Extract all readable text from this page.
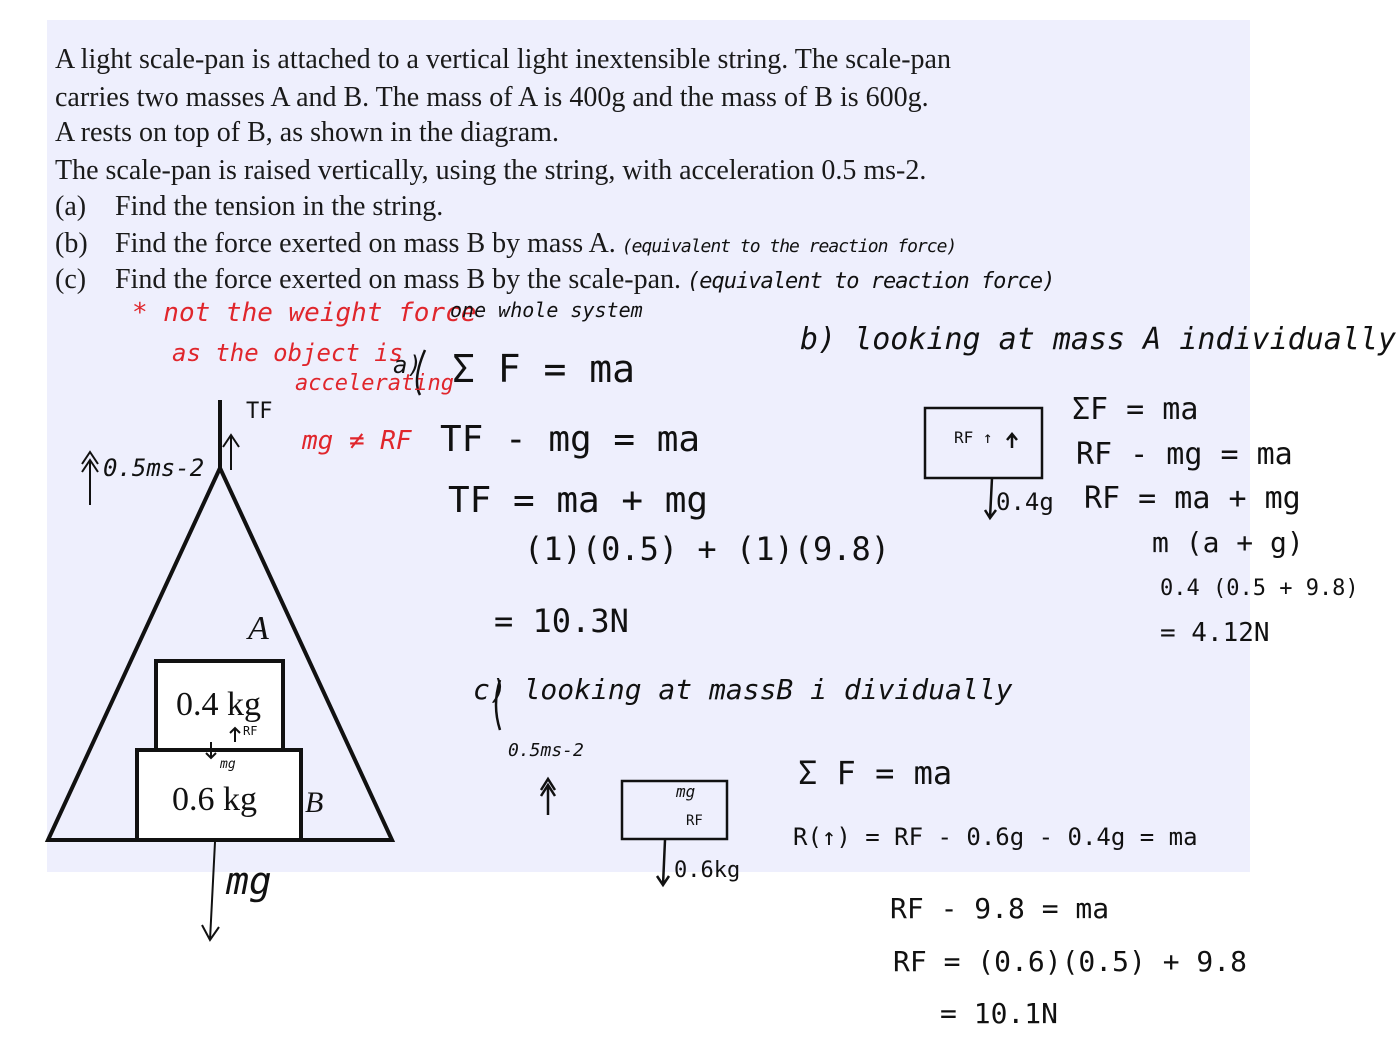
A light scale-pan is attached to a vertical light inextensible string. The scale-pan
carries two masses A and B. The mass of A is 400g and the mass of B is 600g.
A rests on top of B, as shown in the diagram.
The scale-pan is raised vertically, using the string, with acceleration 0.5 ms-2.
(a) Find the tension in the string.
(b) Find the force exerted on mass B by mass A. (equivalent to the reaction force)
(c) Find the force exerted on mass B by the scale-pan. (equivalent to reaction force)
A
B
0.4 kg
0.6 kg
TF
0.5ms-2
RF
mg
mg
* not the weight force
as the object is
accelerating
mg ≠ RF
one whole system
a) Σ F = ma
TF - mg = ma
TF = ma + mg
(1)(0.5) + (1)(9.8)
= 10.3N
b) looking at mass A individually
RF ↑
0.4g
ΣF = ma
RF - mg = ma
RF = ma + mg
m (a + g)
0.4 (0.5 + 9.8)
= 4.12N
c) looking at massB i dividually
0.5ms-2
mg
RF
0.6kg
Σ F = ma
R(↑) = RF - 0.6g - 0.4g = ma
RF - 9.8 = ma
RF = (0.6)(0.5) + 9.8
= 10.1N
